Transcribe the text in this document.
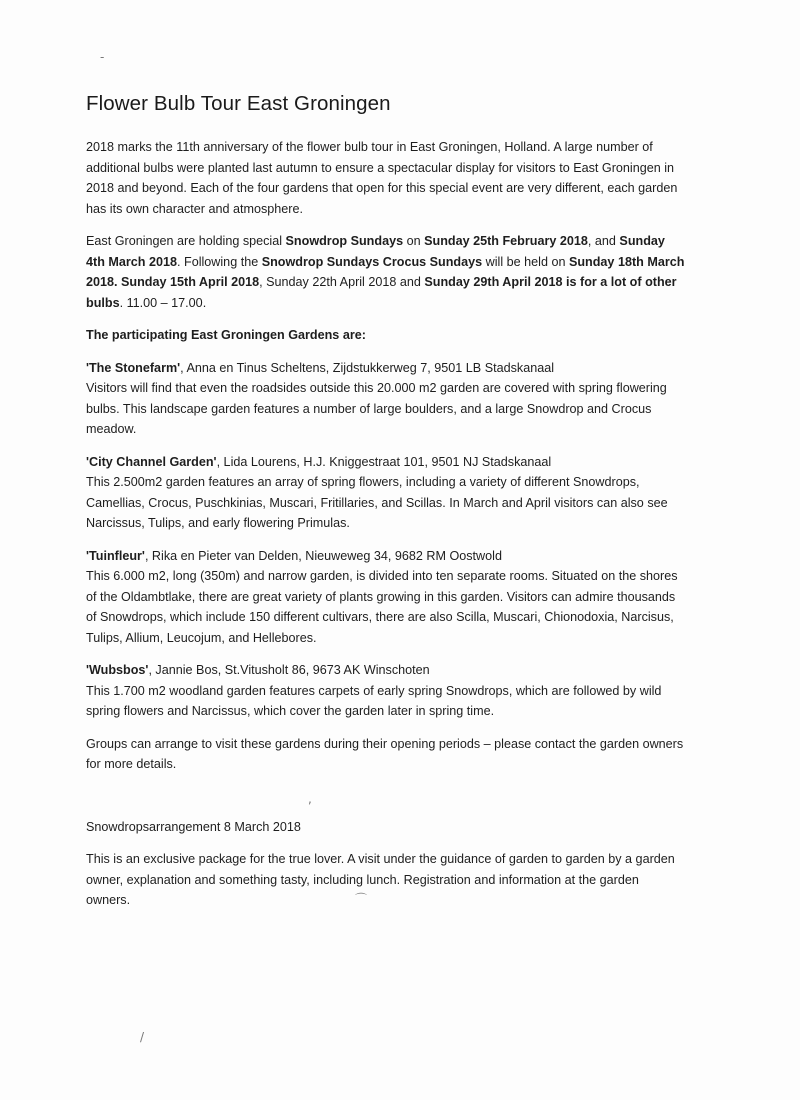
-
,
⌒
/
Flower Bulb Tour East Groningen

2018 marks the 11th anniversary of the flower bulb tour in East Groningen, Holland. A large number of additional bulbs were planted last autumn to ensure a spectacular display for visitors to East Groningen in 2018 and beyond. Each of the four gardens that open for this special event are very different, each garden has its own character and atmosphere.

East Groningen are holding special Snowdrop Sundays on Sunday 25th February 2018, and Sunday 4th March 2018. Following the Snowdrop Sundays Crocus Sundays will be held on Sunday 18th March 2018. Sunday 15th April 2018, Sunday 22th April 2018 and Sunday 29th April 2018 is for a lot of other bulbs. 11.00 – 17.00.

The participating East Groningen Gardens are:

'The Stonefarm', Anna en Tinus Scheltens, Zijdstukkerweg 7, 9501 LB Stadskanaal
Visitors will find that even the roadsides outside this 20.000 m2 garden are covered with spring flowering bulbs. This landscape garden features a number of large boulders, and a large Snowdrop and Crocus meadow.

'City Channel Garden', Lida Lourens, H.J. Kniggestraat 101, 9501 NJ Stadskanaal
This 2.500m2 garden features an array of spring flowers, including a variety of different Snowdrops, Camellias, Crocus, Puschkinias, Muscari, Fritillaries, and Scillas. In March and April visitors can also see Narcissus, Tulips, and early flowering Primulas.

'Tuinfleur', Rika en Pieter van Delden, Nieuweweg 34, 9682 RM Oostwold
This 6.000 m2, long (350m) and narrow garden, is divided into ten separate rooms. Situated on the shores of the Oldambtlake, there are great variety of plants growing in this garden. Visitors can admire thousands of Snowdrops, which include 150 different cultivars, there are also Scilla, Muscari, Chionodoxia, Narcisus, Tulips, Allium, Leucojum, and Hellebores.

'Wubsbos', Jannie Bos, St.Vitusholt 86, 9673 AK Winschoten
This 1.700 m2 woodland garden features carpets of early spring Snowdrops, which are followed by wild spring flowers and Narcissus, which cover the garden later in spring time.

Groups can arrange to visit these gardens during their opening periods – please contact the garden owners for more details.

Snowdropsarrangement 8 March 2018

This is an exclusive package for the true lover. A visit under the guidance of garden to garden by a garden owner, explanation and something tasty, including lunch. Registration and information at the garden owners.
